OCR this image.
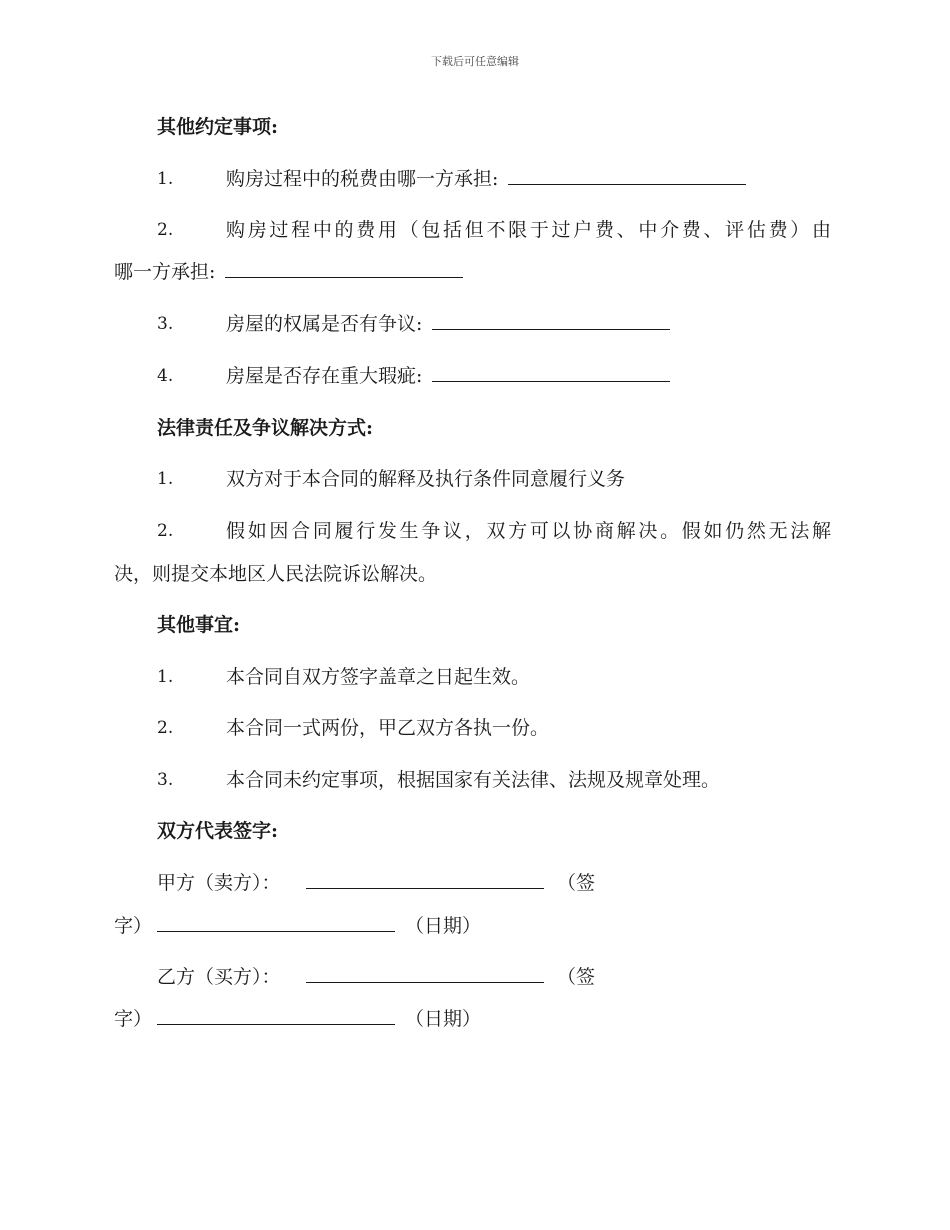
下载后可任意编辑
其他约定事项:
1.	购房过程中的税费由哪一方承担:
2.	购房过程中的费用（包括但不限于过户费、中介费、评估费）由
哪一方承担:
3.	房屋的权属是否有争议:
4.	房屋是否存在重大瑕疵:
法律责任及争议解决方式:
1.	双方对于本合同的解释及执行条件同意履行义务
2.	假如因合同履行发生争议，双方可以协商解决。假如仍然无法解
决，则提交本地区人民法院诉讼解决。
其他事宜:
1.	本合同自双方签字盖章之日起生效。
2.	本合同一式两份，甲乙双方各执一份。
3.	本合同未约定事项，根据国家有关法律、法规及规章处理。
双方代表签字:
甲方（卖方）：	（签
字）	（日期）
乙方（买方）：	（签
字）	（日期）
